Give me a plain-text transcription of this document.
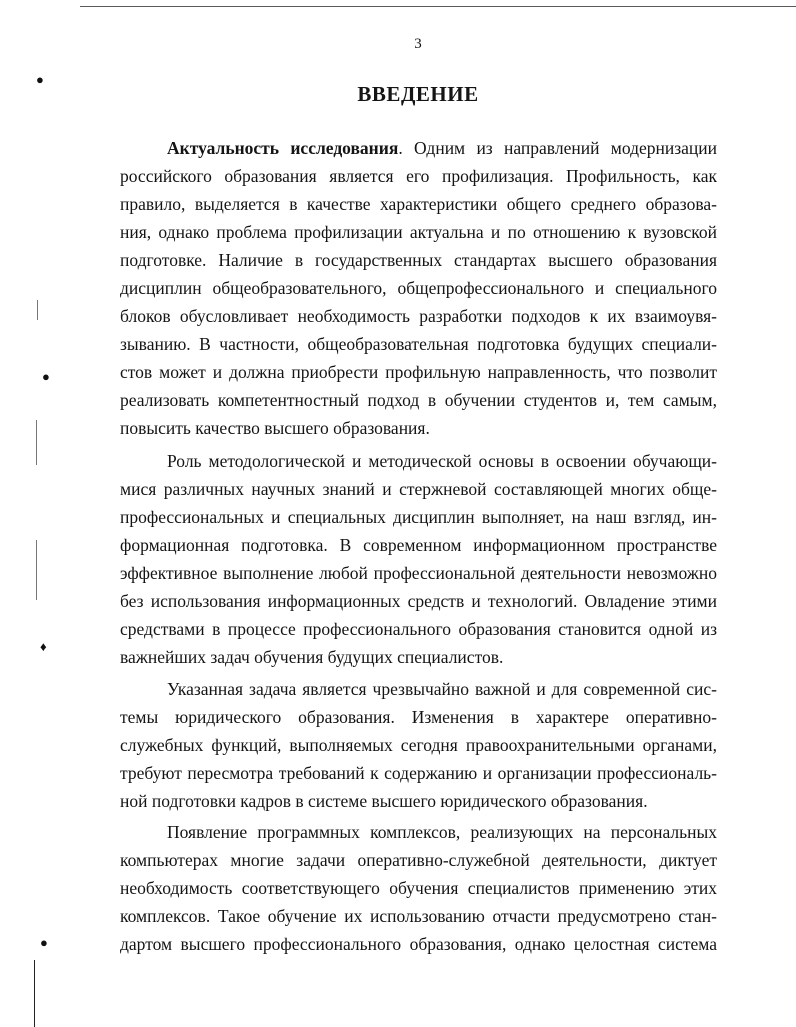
3
ВВЕДЕНИЕ
Актуальность исследования. Одним из направлений модернизации
российского образования является его профилизация. Профильность, как
правило, выделяется в качестве характеристики общего среднего образова-
ния, однако проблема профилизации актуальна и по отношению к вузовской
подготовке. Наличие в государственных стандартах высшего образования
дисциплин общеобразовательного, общепрофессионального и специального
блоков обусловливает необходимость разработки подходов к их взаимоувя-
зыванию. В частности, общеобразовательная подготовка будущих специали-
стов может и должна приобрести профильную направленность, что позволит
реализовать компетентностный подход в обучении студентов и, тем самым,
повысить качество высшего образования.
Роль методологической и методической основы в освоении обучающи-
мися различных научных знаний и стержневой составляющей многих обще-
профессиональных и специальных дисциплин выполняет, на наш взгляд, ин-
формационная подготовка. В современном информационном пространстве
эффективное выполнение любой профессиональной деятельности невозможно
без использования информационных средств и технологий. Овладение этими
средствами в процессе профессионального образования становится одной из
важнейших задач обучения будущих специалистов.
Указанная задача является чрезвычайно важной и для современной сис-
темы юридического образования. Изменения в характере оперативно-
служебных функций, выполняемых сегодня правоохранительными органами,
требуют пересмотра требований к содержанию и организации профессиональ-
ной подготовки кадров в системе высшего юридического образования.
Появление программных комплексов, реализующих на персональных
компьютерах многие задачи оперативно-служебной деятельности, диктует
необходимость соответствующего обучения специалистов применению этих
комплексов. Такое обучение их использованию отчасти предусмотрено стан-
дартом высшего профессионального образования, однако целостная система
●
●
♦
●
